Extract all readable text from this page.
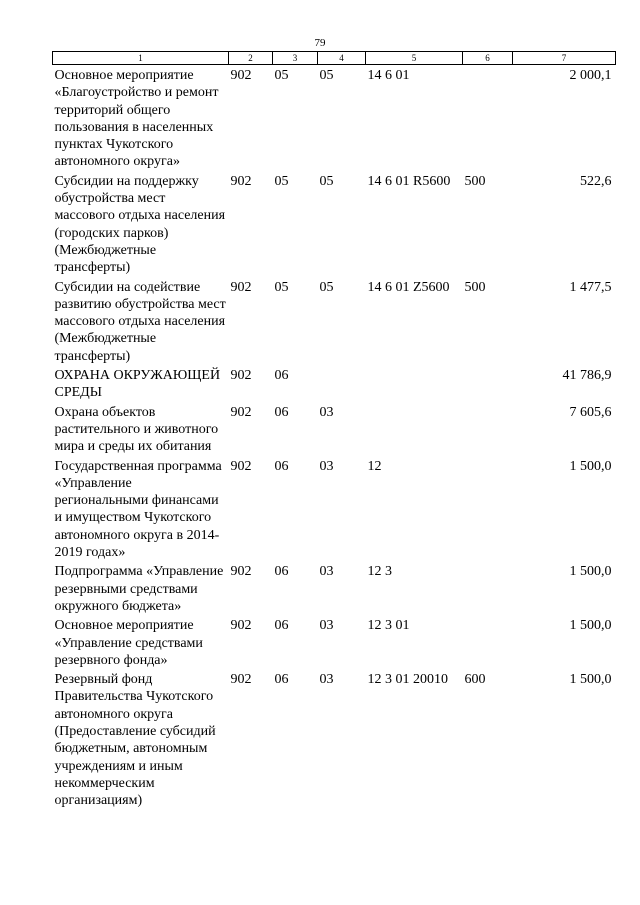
79
1	2	3	4	5	6	7
Основное мероприятие «Благоустройство и ремонт территорий общего пользования в населенных пунктах Чукотского автономного округа»	902	05	05	14 6 01		2 000,1
Субсидии на поддержку обустройства мест массового отдыха населения (городских парков) (Межбюджетные трансферты)	902	05	05	14 6 01 R5600	500	522,6
Субсидии на содействие развитию обустройства мест массового отдыха населения (Межбюджетные трансферты)	902	05	05	14 6 01 Z5600	500	1 477,5
ОХРАНА ОКРУЖАЮЩЕЙ СРЕДЫ	902	06				41 786,9
Охрана объектов растительного и животного мира и среды их обитания	902	06	03			7 605,6
Государственная программа «Управление региональными финансами и имуществом Чукотского автономного округа в 2014-2019 годах»	902	06	03	12		1 500,0
Подпрограмма «Управление резервными средствами окружного бюджета»	902	06	03	12 3		1 500,0
Основное мероприятие «Управление средствами резервного фонда»	902	06	03	12 3 01		1 500,0
Резервный фонд Правительства Чукотского автономного округа (Предоставление субсидий бюджетным, автономным учреждениям и иным некоммерческим организациям)	902	06	03	12 3 01 20010	600	1 500,0
